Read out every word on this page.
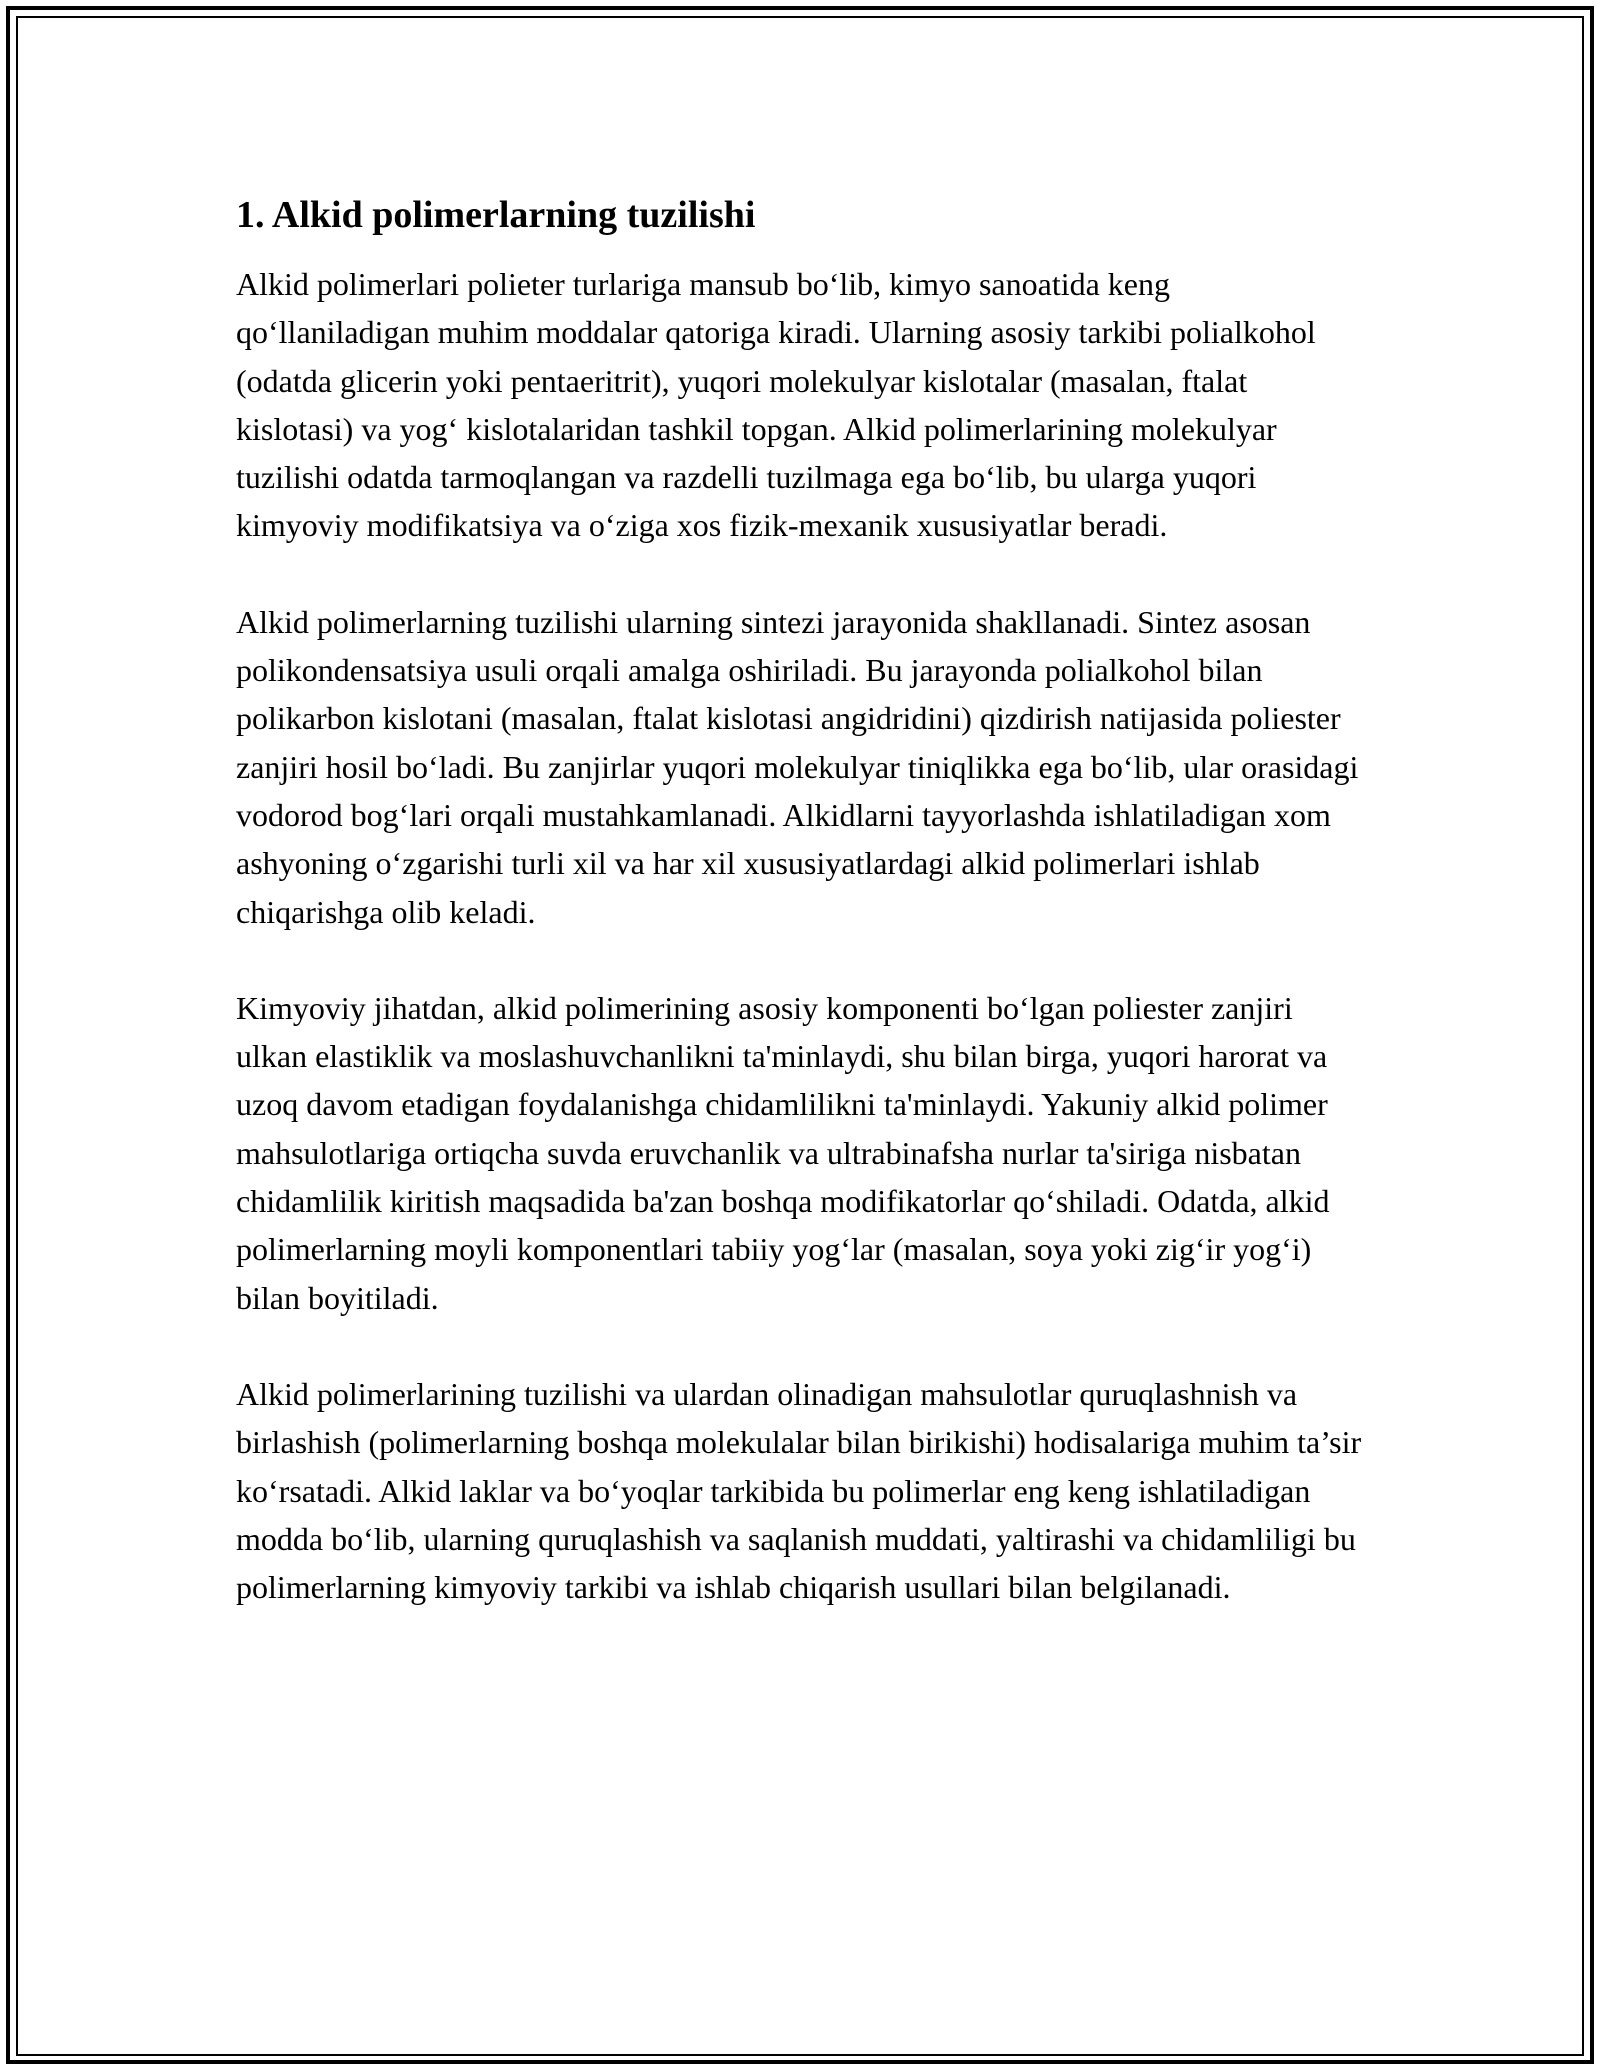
1. Alkid polimerlarning tuzilishi

Alkid polimerlari polieter turlariga mansub bo‘lib, kimyo sanoatida keng qo‘llaniladigan muhim moddalar qatoriga kiradi. Ularning asosiy tarkibi polialkohol (odatda glicerin yoki pentaeritrit), yuqori molekulyar kislotalar (masalan, ftalat kislotasi) va yog‘ kislotalaridan tashkil topgan. Alkid polimerlarining molekulyar tuzilishi odatda tarmoqlangan va razdelli tuzilmaga ega bo‘lib, bu ularga yuqori kimyoviy modifikatsiya va o‘ziga xos fizik-mexanik xususiyatlar beradi.

Alkid polimerlarning tuzilishi ularning sintezi jarayonida shakllanadi. Sintez asosan polikondensatsiya usuli orqali amalga oshiriladi. Bu jarayonda polialkohol bilan polikarbon kislotani (masalan, ftalat kislotasi angidridini) qizdirish natijasida poliester zanjiri hosil bo‘ladi. Bu zanjirlar yuqori molekulyar tiniqlikka ega bo‘lib, ular orasidagi vodorod bog‘lari orqali mustahkamlanadi. Alkidlarni tayyorlashda ishlatiladigan xom ashyoning o‘zgarishi turli xil va har xil xususiyatlardagi alkid polimerlari ishlab chiqarishga olib keladi.

Kimyoviy jihatdan, alkid polimerining asosiy komponenti bo‘lgan poliester zanjiri ulkan elastiklik va moslashuvchanlikni ta'minlaydi, shu bilan birga, yuqori harorat va uzoq davom etadigan foydalanishga chidamlilikni ta'minlaydi. Yakuniy alkid polimer mahsulotlariga ortiqcha suvda eruvchanlik va ultrabinafsha nurlar ta'siriga nisbatan chidamlilik kiritish maqsadida ba'zan boshqa modifikatorlar qo‘shiladi. Odatda, alkid polimerlarning moyli komponentlari tabiiy yog‘lar (masalan, soya yoki zig‘ir yog‘i) bilan boyitiladi.

Alkid polimerlarining tuzilishi va ulardan olinadigan mahsulotlar quruqlashnish va birlashish (polimerlarning boshqa molekulalar bilan birikishi) hodisalariga muhim ta’sir ko‘rsatadi. Alkid laklar va bo‘yoqlar tarkibida bu polimerlar eng keng ishlatiladigan modda bo‘lib, ularning quruqlashish va saqlanish muddati, yaltirashi va chidamliligi bu polimerlarning kimyoviy tarkibi va ishlab chiqarish usullari bilan belgilanadi.
